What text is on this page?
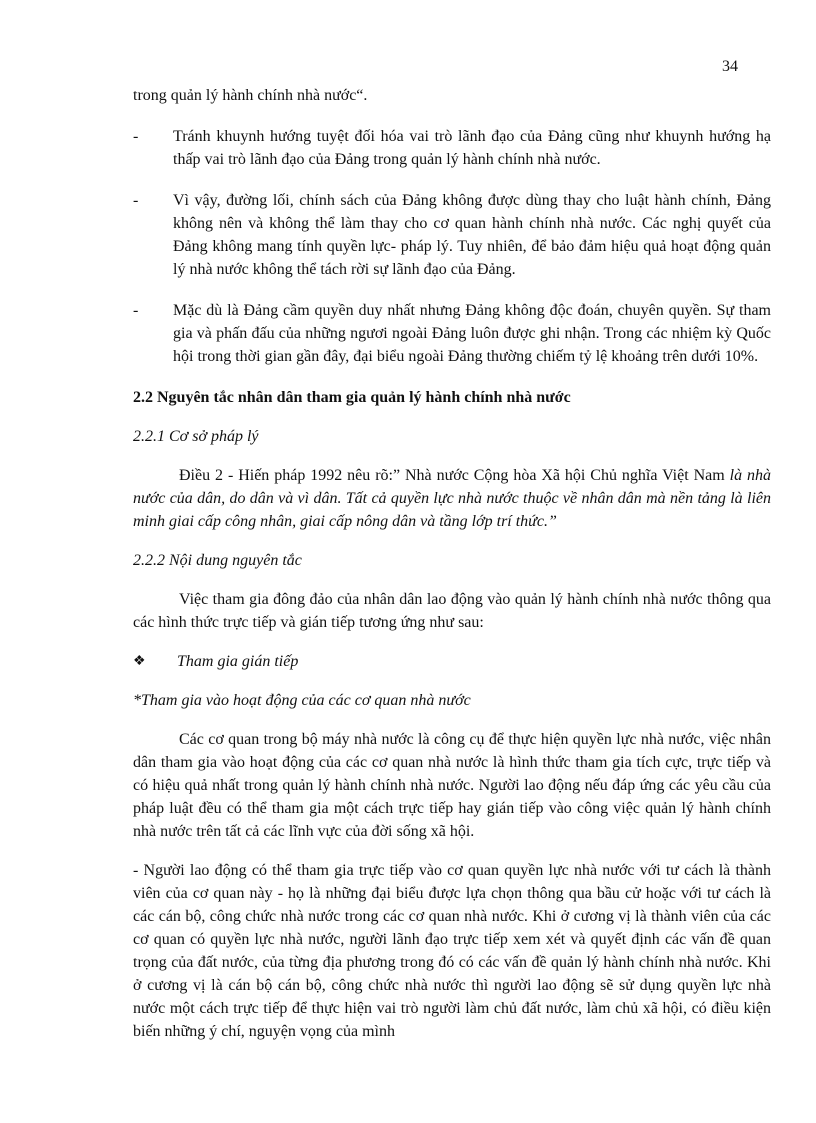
34

trong quản lý hành chính nhà nước“.

-	Tránh khuynh hướng tuyệt đối hóa vai trò lãnh đạo của Đảng cũng như khuynh hướng hạ thấp vai trò lãnh đạo của Đảng trong quản lý hành chính nhà nước.
-	Vì vậy, đường lối, chính sách của Đảng không được dùng thay cho luật hành chính, Đảng không nên và không thể làm thay cho cơ quan hành chính nhà nước. Các nghị quyết của Đảng không mang tính quyền lực- pháp lý. Tuy nhiên, để bảo đảm hiệu quả hoạt động quản lý nhà nước không thể tách rời sự lãnh đạo của Đảng.
-	Mặc dù là Đảng cầm quyền duy nhất nhưng Đảng không độc đoán, chuyên quyền. Sự tham gia và phấn đấu của những ngươi ngoài Đảng luôn được ghi nhận. Trong các nhiệm kỳ Quốc hội trong thời gian gần đây, đại biểu ngoài Đảng thường chiếm tỷ lệ khoảng trên dưới 10%.
2.2 Nguyên tắc nhân dân tham gia quản lý hành chính nhà nước
2.2.1 Cơ sở pháp lý

Điều 2 - Hiến pháp 1992 nêu rõ:” Nhà nước Cộng hòa Xã hội Chủ nghĩa Việt Nam là nhà nước của dân, do dân và vì dân. Tất cả quyền lực nhà nước thuộc về nhân dân mà nền tảng là liên minh giai cấp công nhân, giai cấp nông dân và tầng lớp trí thức.”

2.2.2 Nội dung nguyên tắc

Việc tham gia đông đảo của nhân dân lao động vào quản lý hành chính nhà nước thông qua các hình thức trực tiếp và gián tiếp tương ứng như sau:

❖	Tham gia gián tiếp
*Tham gia vào hoạt động của các cơ quan nhà nước

Các cơ quan trong bộ máy nhà nước là công cụ để thực hiện quyền lực nhà nước, việc nhân dân tham gia vào hoạt động của các cơ quan nhà nước là hình thức tham gia tích cực, trực tiếp và có hiệu quả nhất trong quản lý hành chính nhà nước. Người lao động nếu đáp ứng các yêu cầu của pháp luật đều có thể tham gia một cách trực tiếp hay gián tiếp vào công việc quản lý hành chính nhà nước trên tất cả các lĩnh vực của đời sống xã hội.

- Người lao động có thể tham gia trực tiếp vào cơ quan quyền lực nhà nước với tư cách là thành viên của cơ quan này - họ là những đại biểu được lựa chọn thông qua bầu cử hoặc với tư cách là các cán bộ, công chức nhà nước trong các cơ quan nhà nước. Khi ở cương vị là thành viên của các cơ quan có quyền lực nhà nước, người lãnh đạo trực tiếp xem xét và quyết định các vấn đề quan trọng của đất nước, của từng địa phương trong đó có các vấn đề quản lý hành chính nhà nước. Khi ở cương vị là cán bộ cán bộ, công chức nhà nước thì người lao động sẽ sử dụng quyền lực nhà nước một cách trực tiếp để thực hiện vai trò người làm chủ đất nước, làm chủ xã hội, có điều kiện biến những ý chí, nguyện vọng của mình
